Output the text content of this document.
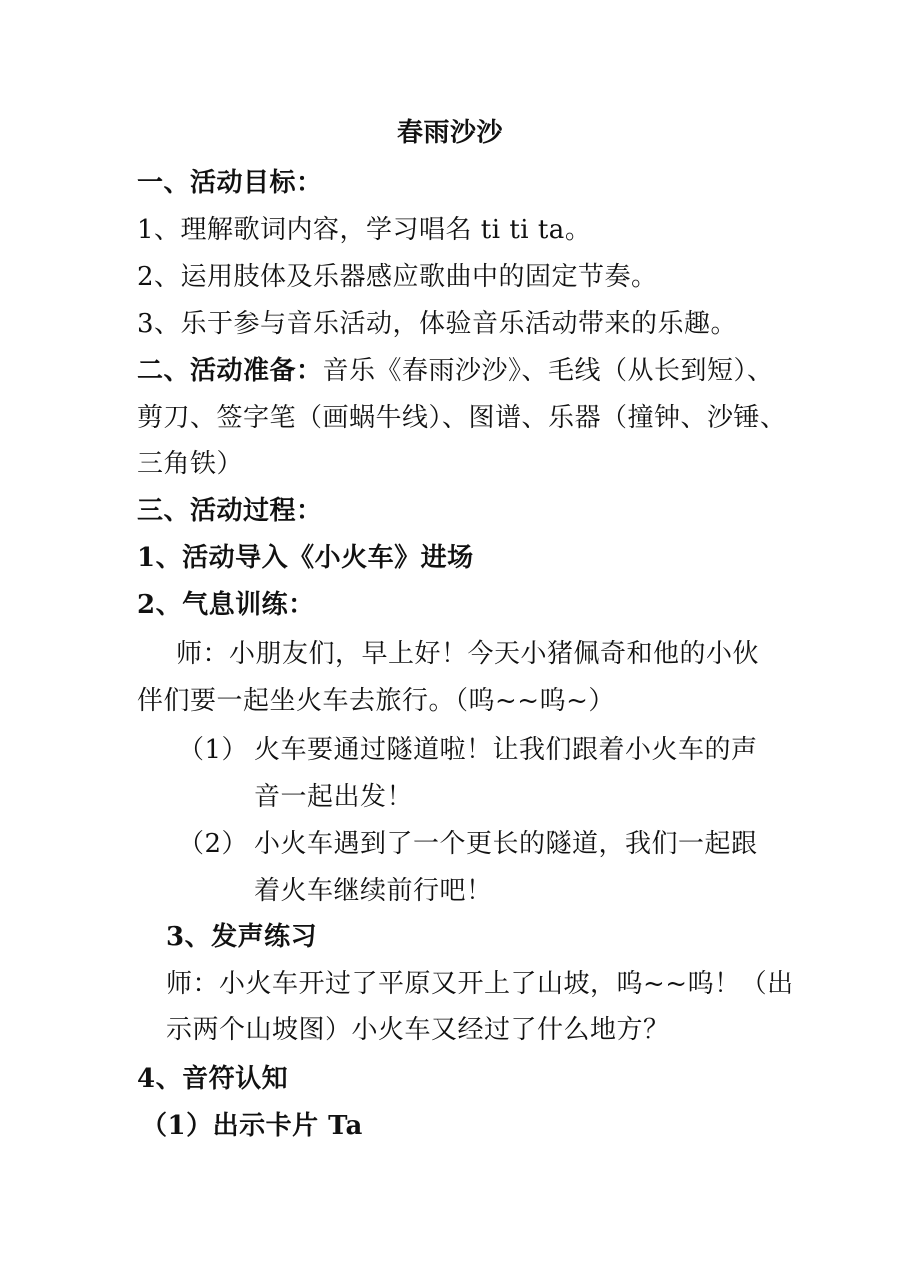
春雨沙沙
一、活动目标：
1、理解歌词内容，学习唱名 ti ti ta。
2、运用肢体及乐器感应歌曲中的固定节奏。
3、乐于参与音乐活动，体验音乐活动带来的乐趣。
二、活动准备：音乐《春雨沙沙》、毛线（从长到短）、
剪刀、签字笔（画蜗牛线）、图谱、乐器（撞钟、沙锤、
三角铁）
三、活动过程：
1、活动导入《小火车》进场
2、气息训练：
师：小朋友们，早上好！今天小猪佩奇和他的小伙
伴们要一起坐火车去旅行。（呜~~呜~）
（1） 火车要通过隧道啦！让我们跟着小火车的声
音一起出发！
（2） 小火车遇到了一个更长的隧道，我们一起跟
着火车继续前行吧！
3、发声练习
师：小火车开过了平原又开上了山坡，呜~~呜！（出
示两个山坡图）小火车又经过了什么地方？
4、音符认知
（1）出示卡片 Ta
